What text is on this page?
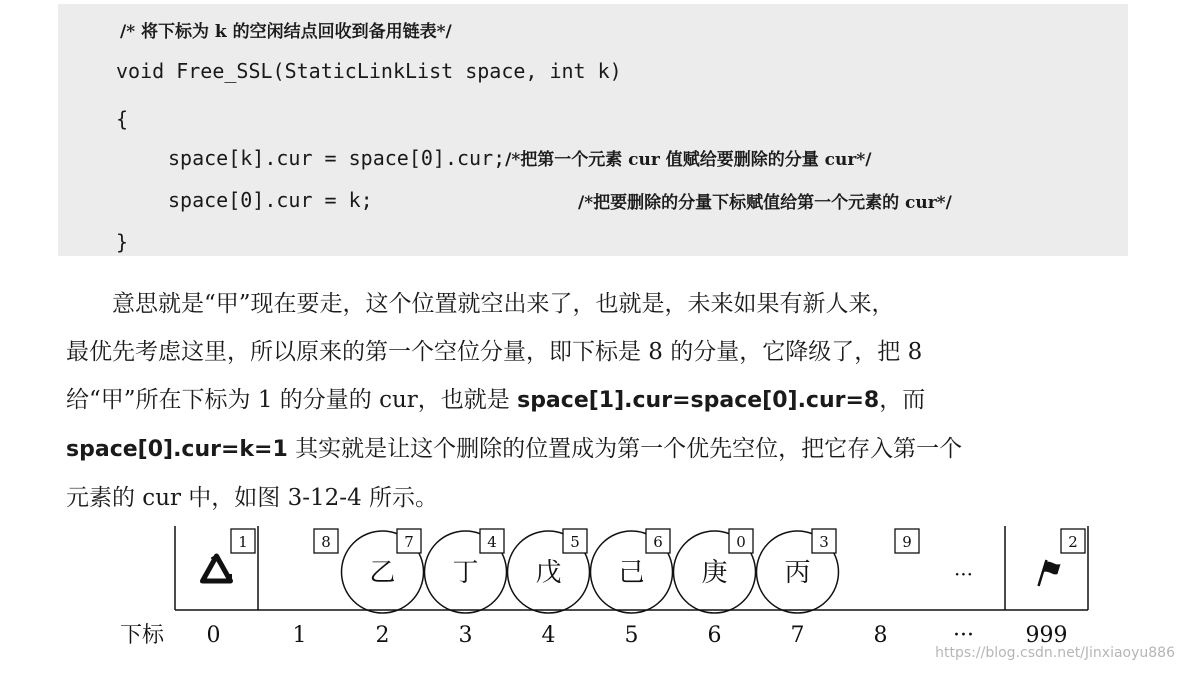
/* 将下标为 k 的空闲结点回收到备用链表*/
void Free_SSL(StaticLinkList space, int k)
{
space[k].cur = space[0].cur;/*把第一个元素 cur 值赋给要删除的分量 cur*/
space[0].cur = k;	/*把要删除的分量下标赋值给第一个元素的 cur*/
}

意思就是“甲”现在要走，这个位置就空出来了，也就是，未来如果有新人来，

最优先考虑这里，所以原来的第一个空位分量，即下标是 8 的分量，它降级了，把 8

给“甲”所在下标为 1 的分量的 cur，也就是 space[1].cur=space[0].cur=8，而

space[0].cur=k=1 其实就是让这个删除的位置成为第一个优先空位，把它存入第一个

元素的 cur 中，如图 3-12-4 所示。

下标
1
0
8
1
乙
7
2
丁
4
3
戊
5
4
己
6
5
庚
0
6
丙
3
7
9
8
···
···
2
999
https://blog.csdn.net/Jinxiaoyu886
